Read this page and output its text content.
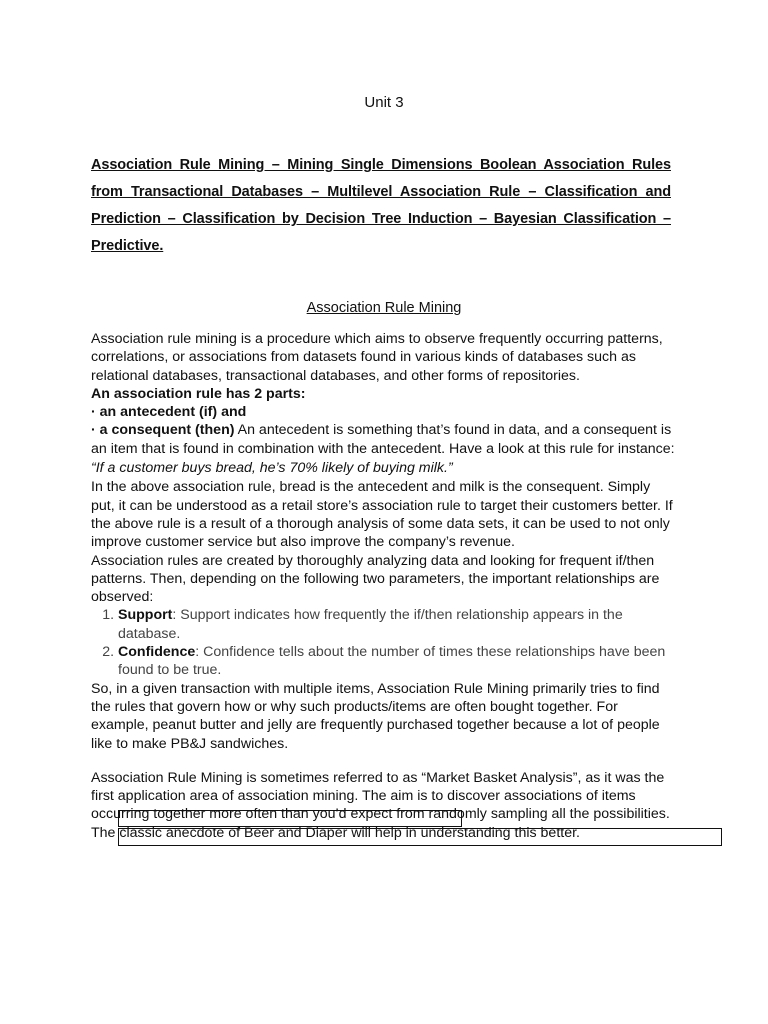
Unit 3

Association Rule Mining – Mining Single Dimensions Boolean Association Rules from Transactional Databases – Multilevel Association Rule – Classification and Prediction – Classification by Decision Tree Induction – Bayesian Classification – Predictive.

Association Rule Mining

Association rule mining is a procedure which aims to observe frequently occurring patterns, correlations, or associations from datasets found in various kinds of databases such as relational databases, transactional databases, and other forms of repositories.

An association rule has 2 parts:

· an antecedent (if) and

· a consequent (then) An antecedent is something that’s found in data, and a consequent is an item that is found in combination with the antecedent. Have a look at this rule for instance:

“If a customer buys bread, he’s 70% likely of buying milk.”

In the above association rule, bread is the antecedent and milk is the consequent. Simply put, it can be understood as a retail store’s association rule to target their customers better. If the above rule is a result of a thorough analysis of some data sets, it can be used to not only improve customer service but also improve the company’s revenue.

Association rules are created by thoroughly analyzing data and looking for frequent if/then patterns. Then, depending on the following two parameters, the important relationships are observed:

1. Support: Support indicates how frequently the if/then relationship appears in the database.
2. Confidence: Confidence tells about the number of times these relationships have been found to be true.

So, in a given transaction with multiple items, Association Rule Mining primarily tries to find the rules that govern how or why such products/items are often bought together. For example, peanut butter and jelly are frequently purchased together because a lot of people like to make PB&J sandwiches.

Association Rule Mining is sometimes referred to as “Market Basket Analysis”, as it was the first application area of association mining. The aim is to discover associations of items occurring together more often than you’d expect from randomly sampling all the possibilities. The classic anecdote of Beer and Diaper will help in understanding this better.
